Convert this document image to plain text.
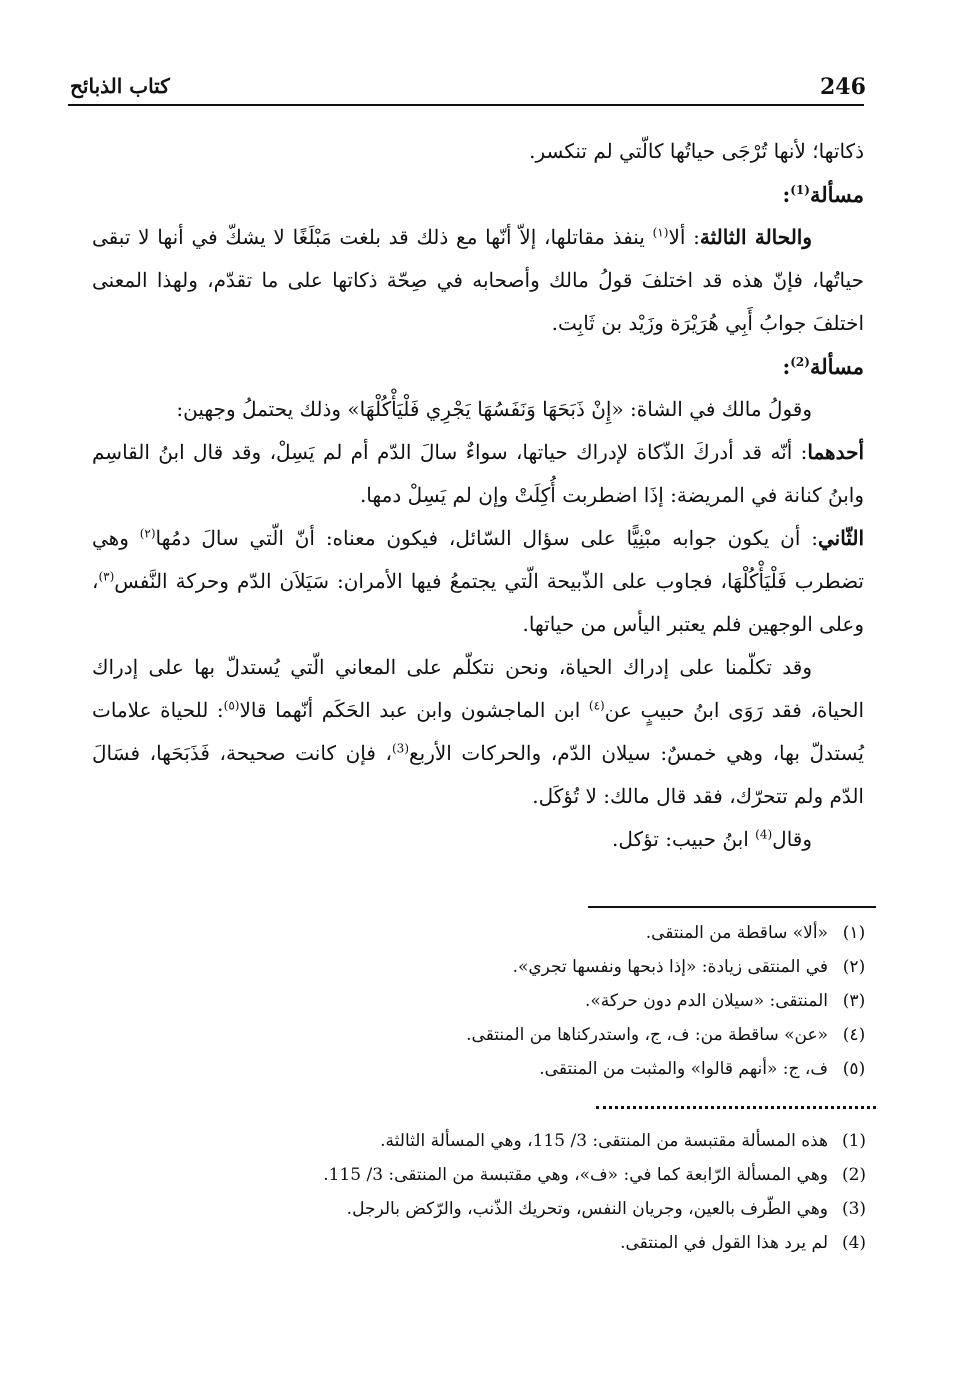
246
كتاب الذبائح

ذكاتها؛ لأنها تُرْجَى حياتُها كالّتي لم تنكسر.

مسألة$^{(1)}$:

والحالة الثالثة: ألا$^{(١)}$ ينفذ مقاتلها، إلاّ أنّها مع ذلك قد بلغت مَبْلَغًا لا يشكّ في أنها لا تبقى حياتُها، فإنّ هذه قد اختلفَ قولُ مالك وأصحابه في صِحّة ذكاتها على ما تقدّم، ولهذا المعنى اختلفَ جوابُ أَبِي هُرَيْرَة وزَيْد بن ثَابِت.

مسألة$^{(2)}$:

وقولُ مالك في الشاة: «إِنْ ذَبَحَهَا وَنَفَسُهَا يَجْرِي فَلْيَأْكُلْهَا» وذلك يحتملُ وجهين:

أحدهما: أنّه قد أدركَ الذّكاة لإدراك حياتها، سواءٌ سالَ الدّم أم لم يَسِلْ، وقد قال ابنُ القاسِم وابنُ كنانة في المريضة: إذَا اضطربت أُكِلَتْ وإن لم يَسِلْ دمها.

الثّاني: أن يكون جوابه مبْنِيًّا على سؤال السّائل، فيكون معناه: أنّ الّتي سالَ دمُها$^{(٢)}$ وهي تضطرب فَلْيَأْكُلْهَا، فجاوب على الذّبيحة الّتي يجتمعُ فيها الأمران: سَيَلاَن الدّم وحركة النَّفس$^{(٣)}$، وعلى الوجهين فلم يعتبر اليأس من حياتها.

وقد تكلّمنا على إدراك الحياة، ونحن نتكلّم على المعاني الّتي يُستدلّ بها على إدراك الحياة، فقد رَوَى ابنُ حبيبٍ عن$^{(٤)}$ ابن الماجشون وابن عبد الحَكَم أنّهما قالا$^{(٥)}$: للحياة علامات يُستدلّ بها، وهي خمسٌ: سيلان الدّم، والحركات الأربع$^{(3)}$، فإن كانت صحيحة، فَذَبَحَها، فسَالَ الدّم ولم تتحرّك، فقد قال مالك: لا تُؤكَل.

وقال$^{(4)}$ ابنُ حبيب: تؤكل.

(١)
«ألا» ساقطة من المنتقى.
(٢)
في المنتقى زيادة: «إذا ذبحها ونفسها تجري».
(٣)
المنتقى: «سيلان الدم دون حركة».
(٤)
«عن» ساقطة من: ف، ج، واستدركناها من المنتقى.
(٥)
ف، ج: «أنهم قالوا» والمثبت من المنتقى.
(1)
هذه المسألة مقتبسة من المنتقى: 3/ 115، وهي المسألة الثالثة.
(2)
وهي المسألة الرّابعة كما في: «ف»، وهي مقتبسة من المنتقى: 3/ 115.
(3)
وهي الطّرف بالعين، وجريان النفس، وتحريك الذّنب، والرّكض بالرجل.
(4)
لم يرد هذا القول في المنتقى.
